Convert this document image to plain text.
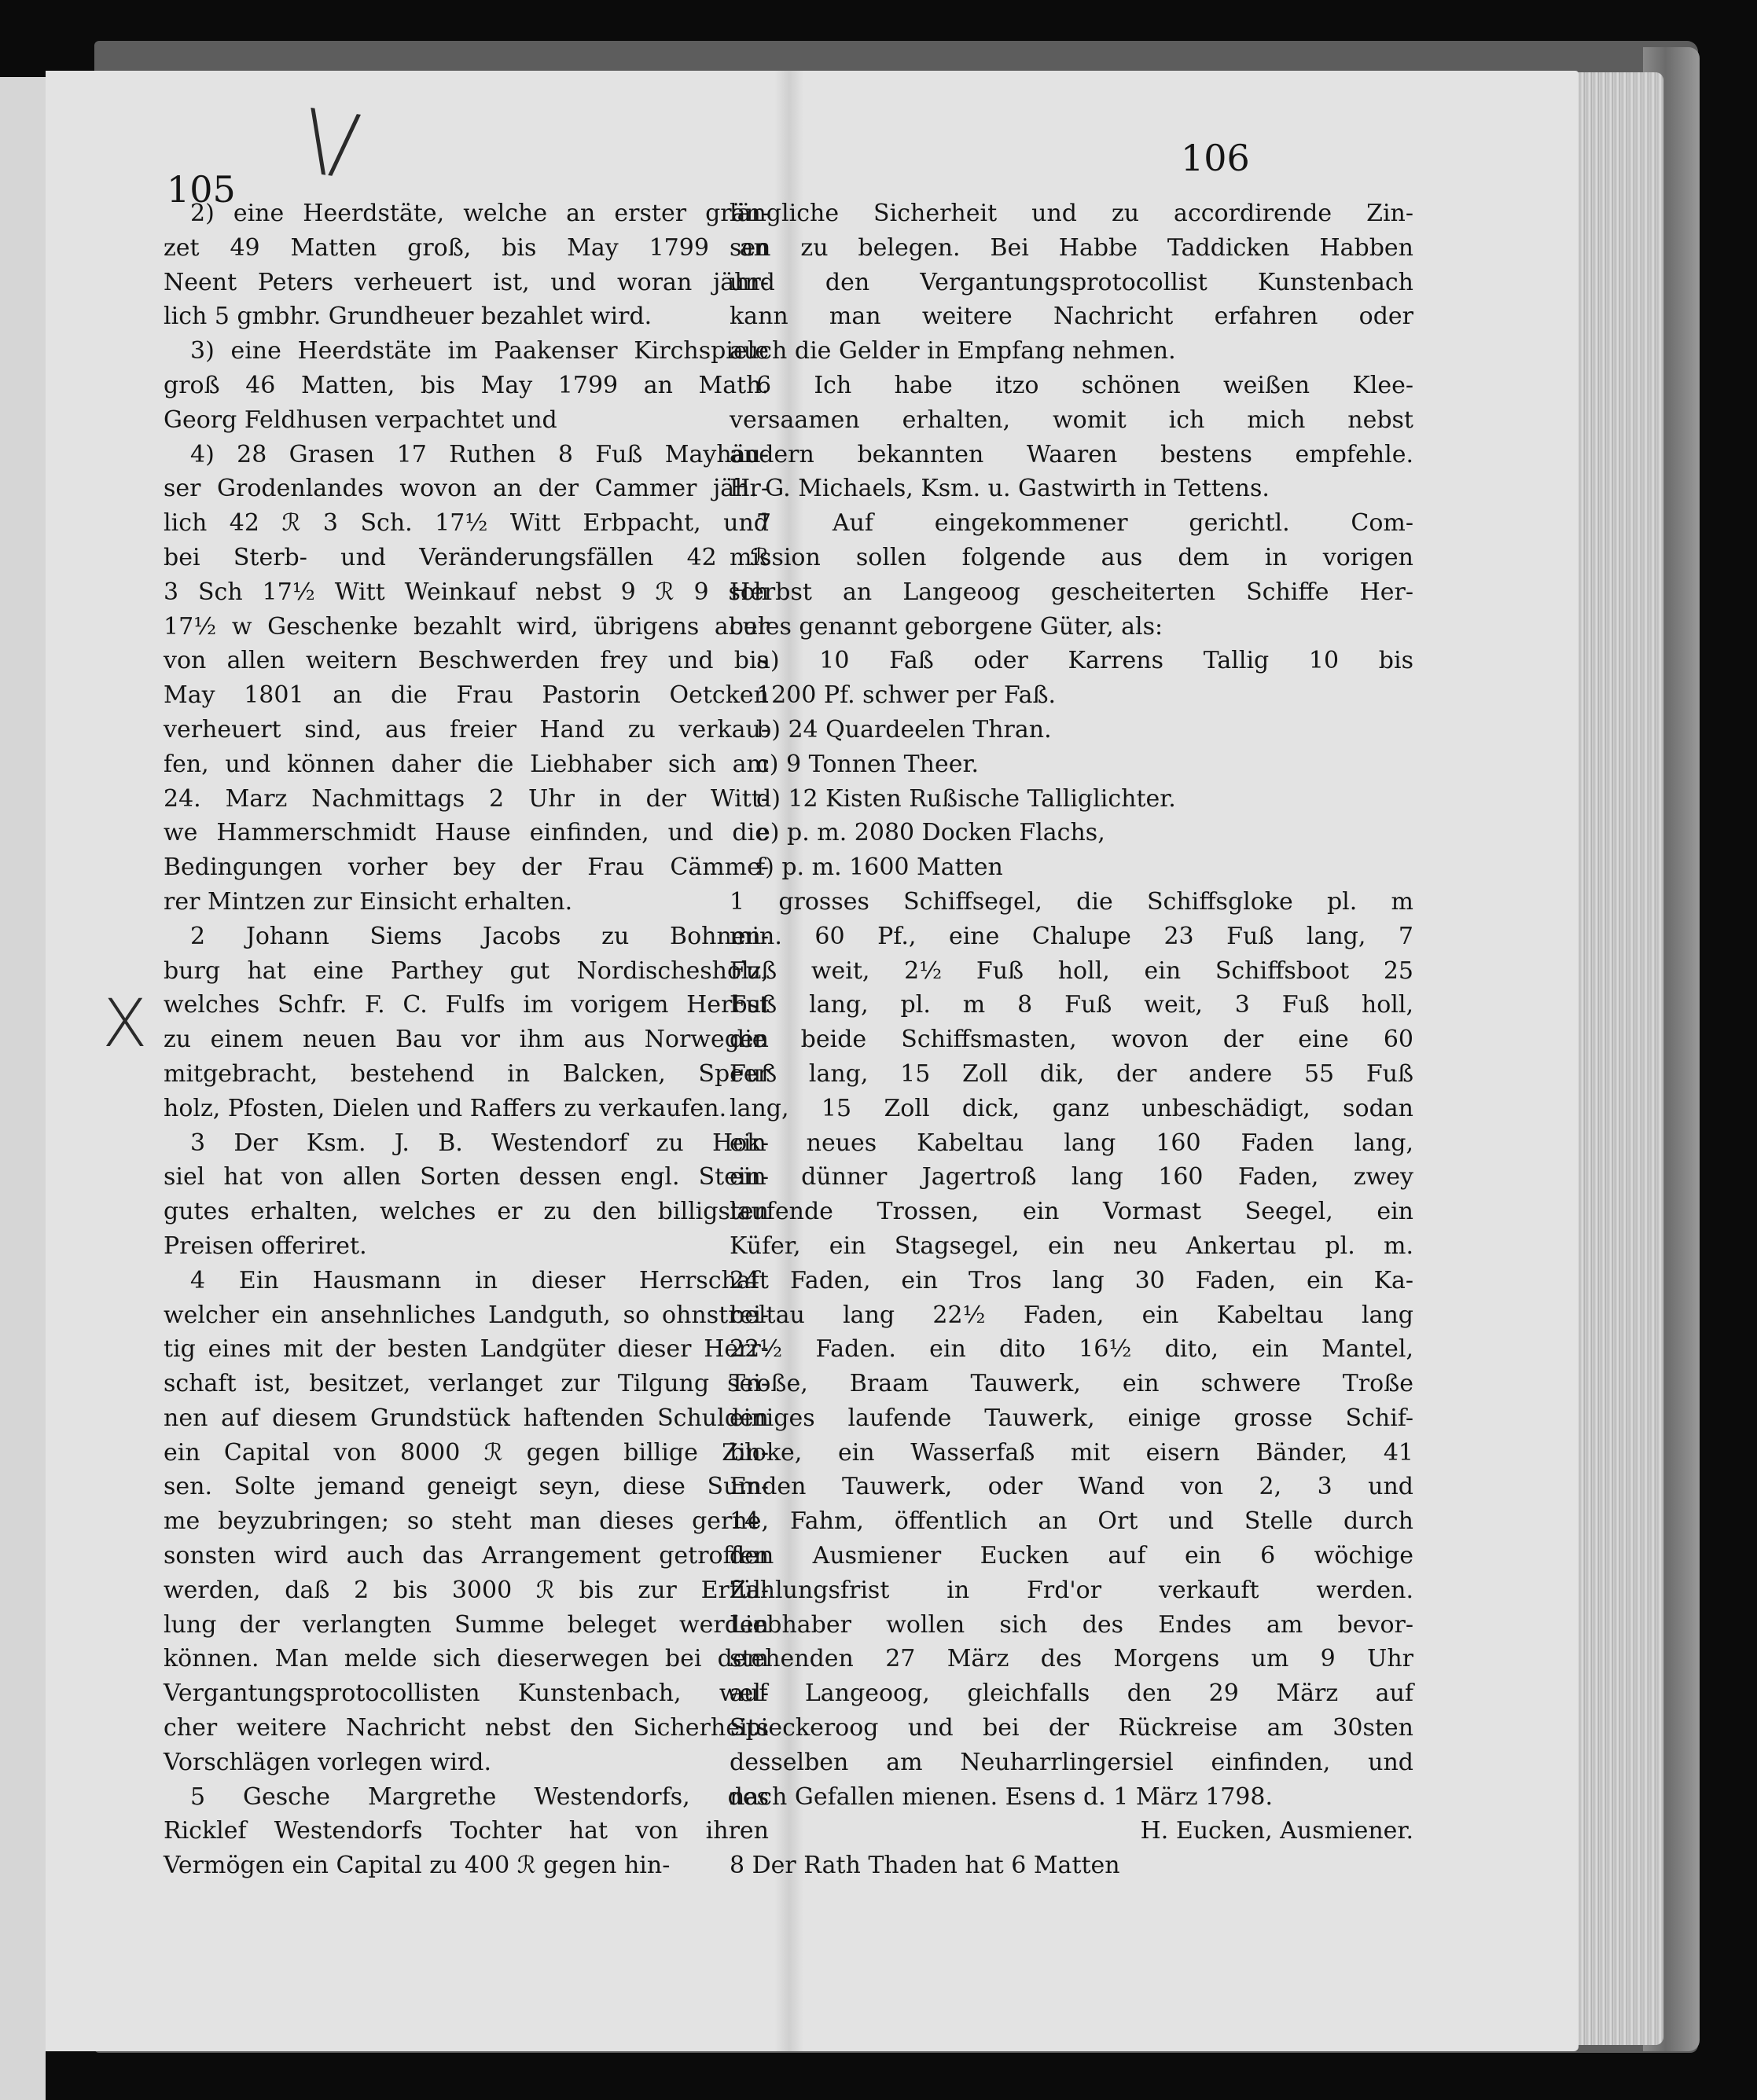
105 \/
X
106
2) eine Heerdstäte, welche an erster grän-
zet 49 Matten groß, bis May 1799 an
Neent Peters verheuert ist, und woran jähr-
lich 5 gmbhr. Grundheuer bezahlet wird.
3) eine Heerdstäte im Paakenser Kirchspiele
groß 46 Matten, bis May 1799 an Math.
Georg Feldhusen verpachtet und
4) 28 Grasen 17 Ruthen 8 Fuß Mayhäu-
ser Grodenlandes wovon an der Cammer jähr-
lich 42 ℛ 3 Sch. 17½ Witt Erbpacht, und
bei Sterb- und Veränderungsfällen 42 ℛ
3 Sch 17½ Witt Weinkauf nebst 9 ℛ 9 sch
17½ w Geschenke bezahlt wird, übrigens aber
von allen weitern Beschwerden frey und bis
May 1801 an die Frau Pastorin Oetcken
verheuert sind, aus freier Hand zu verkau-
fen, und können daher die Liebhaber sich am
24. Marz Nachmittags 2 Uhr in der Witt-
we Hammerschmidt Hause einfinden, und die
Bedingungen vorher bey der Frau Cämme-
rer Mintzen zur Einsicht erhalten.
2 Johann Siems Jacobs zu Bohnen-
burg hat eine Parthey gut Nordischesholz,
welches Schfr. F. C. Fulfs im vorigem Herbst
zu einem neuen Bau vor ihm aus Norwegen
mitgebracht, bestehend in Balcken, Speer
holz, Pfosten, Dielen und Raffers zu verkaufen.
3 Der Ksm. J. B. Westendorf zu Hok-
siel hat von allen Sorten dessen engl. Stein-
gutes erhalten, welches er zu den billigsten
Preisen offeriret.
4 Ein Hausmann in dieser Herrschaft
welcher ein ansehnliches Landguth, so ohnstrei-
tig eines mit der besten Landgüter dieser Herr-
schaft ist, besitzet, verlanget zur Tilgung sei-
nen auf diesem Grundstück haftenden Schulden
ein Capital von 8000 ℛ gegen billige Zin-
sen. Solte jemand geneigt seyn, diese Sum-
me beyzubringen; so steht man dieses gerne,
sonsten wird auch das Arrangement getroffen
werden, daß 2 bis 3000 ℛ bis zur Erfül-
lung der verlangten Summe beleget werden
können. Man melde sich dieserwegen bei dem
Vergantungsprotocollisten Kunstenbach, wel-
cher weitere Nachricht nebst den Sicherheits
Vorschlägen vorlegen wird.
5 Gesche Margrethe Westendorfs, des
Ricklef Westendorfs Tochter hat von ihren
Vermögen ein Capital zu 400 ℛ gegen hin-
längliche Sicherheit und zu accordirende Zin-
sen zu belegen. Bei Habbe Taddicken Habben
und den Vergantungsprotocollist Kunstenbach
kann man weitere Nachricht erfahren oder
auch die Gelder in Empfang nehmen.
6 Ich habe itzo schönen weißen Klee-
versaamen erhalten, womit ich mich nebst
andern bekannten Waaren bestens empfehle.
H. G. Michaels, Ksm. u. Gastwirth in Tettens.
7 Auf eingekommener gerichtl. Com-
mission sollen folgende aus dem in vorigen
Herbst an Langeoog gescheiterten Schiffe Her-
cules genannt geborgene Güter, als:
a) 10 Faß oder Karrens Tallig 10 bis
1200 Pf. schwer per Faß.
b) 24 Quardeelen Thran.
c) 9 Tonnen Theer.
d) 12 Kisten Rußische Talliglichter.
e) p. m. 2080 Docken Flachs,
f) p. m. 1600 Matten
1 grosses Schiffsegel, die Schiffsgloke pl. m
min. 60 Pf., eine Chalupe 23 Fuß lang, 7
Fuß weit, 2½ Fuß holl, ein Schiffsboot 25
Fuß lang, pl. m 8 Fuß weit, 3 Fuß holl,
die beide Schiffsmasten, wovon der eine 60
Fuß lang, 15 Zoll dik, der andere 55 Fuß
lang, 15 Zoll dick, ganz unbeschädigt, sodan
ein neues Kabeltau lang 160 Faden lang,
ein dünner Jagertroß lang 160 Faden, zwey
laufende Trossen, ein Vormast Seegel, ein
Küfer, ein Stagsegel, ein neu Ankertau pl. m.
24 Faden, ein Tros lang 30 Faden, ein Ka-
beltau lang 22½ Faden, ein Kabeltau lang
22½ Faden. ein dito 16½ dito, ein Mantel,
Troße, Braam Tauwerk, ein schwere Troße
einiges laufende Tauwerk, einige grosse Schif-
bloke, ein Wasserfaß mit eisern Bänder, 41
Enden Tauwerk, oder Wand von 2, 3 und
14 Fahm, öffentlich an Ort und Stelle durch
den Ausmiener Eucken auf ein 6 wöchige
Zahlungsfrist in Frd'or verkauft werden.
Liebhaber wollen sich des Endes am bevor-
stehenden 27 März des Morgens um 9 Uhr
auf Langeoog, gleichfalls den 29 März auf
Spieckeroog und bei der Rückreise am 30sten
desselben am Neuharrlingersiel einfinden, und
nach Gefallen mienen. Esens d. 1 März 1798.
H. Eucken, Ausmiener.
8 Der Rath Thaden hat 6 Matten
